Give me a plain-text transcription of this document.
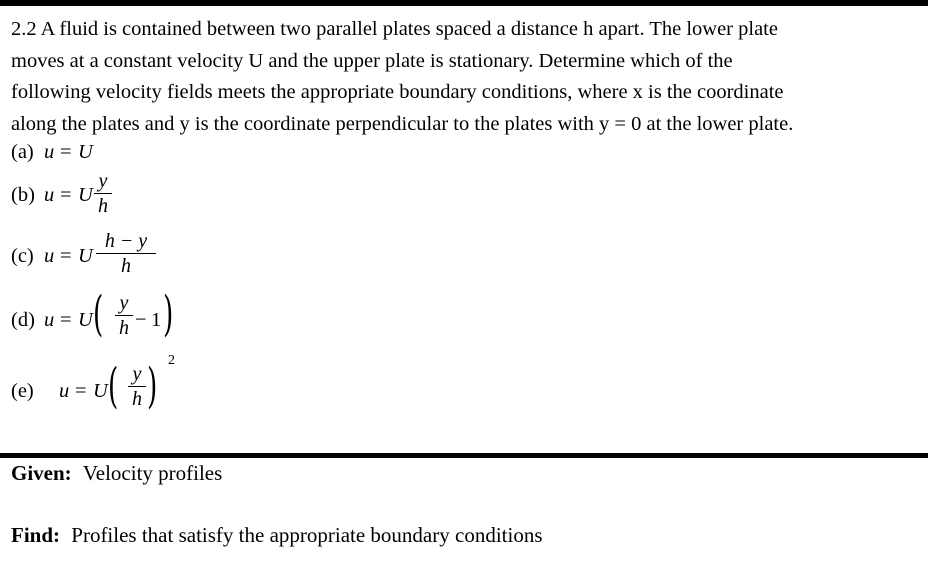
2.2 A fluid is contained between two parallel plates spaced a distance h apart. The lower plate
moves at a constant velocity U and the upper plate is stationary. Determine which of the
following velocity fields meets the appropriate boundary conditions, where x is the coordinate
along the plates and y is the coordinate perpendicular to the plates with y = 0 at the lower plate.
(a) u = U
(b) u = U
y
h
(c) u = U
h − y
h
(d) u = U ( y
h − 1 )
(e) u = U ( y
h ) 2
Given: Velocity profiles
Find: Profiles that satisfy the appropriate boundary conditions
